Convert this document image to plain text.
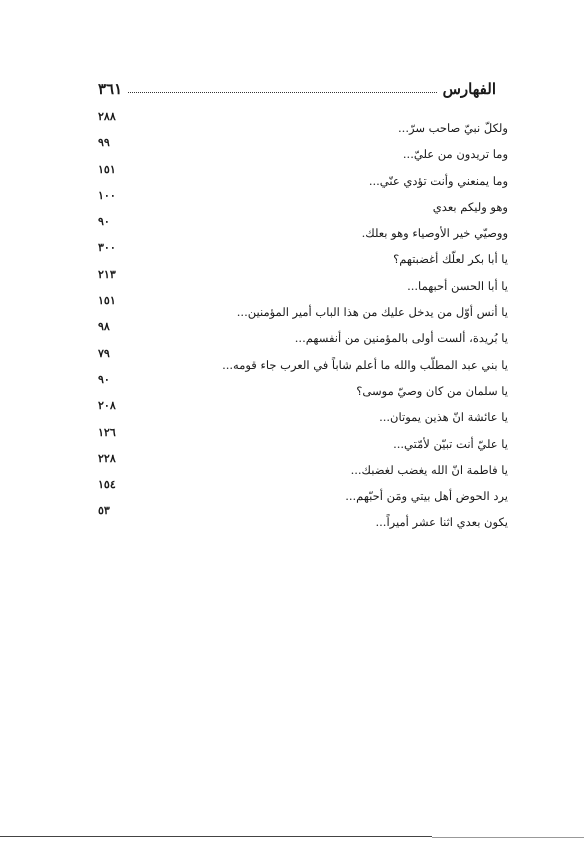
الفهارس
٣٦١
٢٨٨
ولكلّ نبيّ صاحب سرّ...
٩٩
وما تريدون من عليّ...
١٥١
وما يمنعني وأنت تؤدي عنّي...
١٠٠
وهو وليكم بعدي
٩٠
ووصيّي خير الأوصياء وهو بعلك.
٣٠٠
يا أبا بكر لعلّك أغضبتهم؟
٢١٣
يا أبا الحسن أحبهما...
١٥١
يا أنس أوّل من يدخل عليك من هذا الباب أمير المؤمنين...
٩٨
يا بُريدة، ألست أولى بالمؤمنين من أنفسهم...
٧٩
يا بني عبد المطلّب والله ما أعلم شاباً في العرب جاء قومه...
٩٠
يا سلمان من كان وصيّ موسى؟
٢٠٨
يا عائشة انّ هذين يموتان...
١٢٦
يا عليّ أنت تبيّن لأمّتي...
٢٢٨
يا فاطمة انّ الله يغضب لغضبك...
١٥٤
يرد الحوض أهل بيتي ومَن أحبّهم...
٥٣
يكون بعدي اثنا عشر أميراً...
